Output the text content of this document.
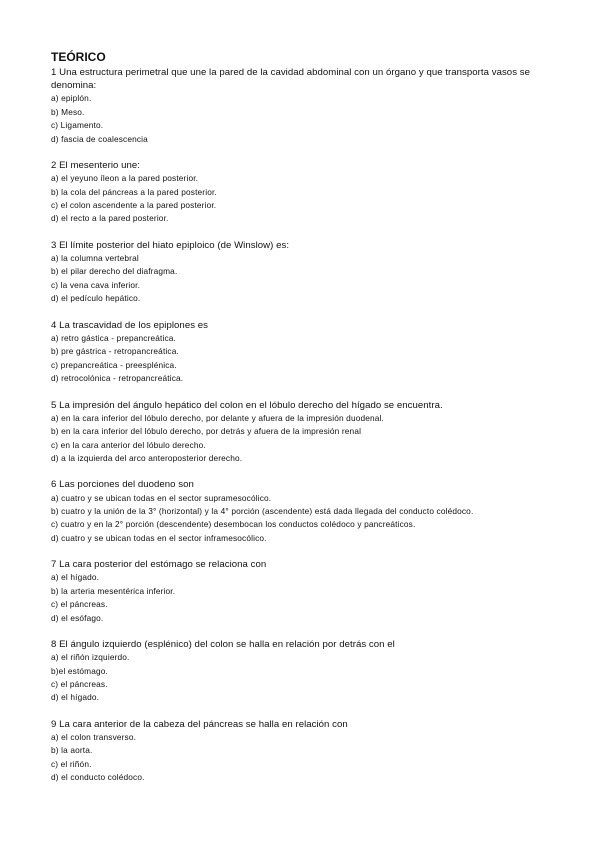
TEÓRICO

1 Una estructura perimetral que une la pared de la cavidad abdominal con un órgano y que transporta vasos se denomina:

a) epiplón.
b) Meso.
c) Ligamento.
d) fascia de coalescencia

2 El mesenterio une:

a) el yeyuno íleon a la pared posterior.
b) la cola del páncreas a la pared posterior.
c) el colon ascendente a la pared posterior.
d) el recto a la pared posterior.

3 El límite posterior del hiato epiploico (de Winslow) es:

a) la columna vertebral
b) el pilar derecho del diafragma.
c) la vena cava inferior.
d) el pedículo hepático.

4 La trascavidad de los epiplones es

a) retro gástica - prepancreática.
b) pre gástrica - retropancreática.
c) prepancreática - preesplénica.
d) retrocolónica - retropancreática.

5 La impresión del ángulo hepático del colon en el lóbulo derecho del hígado se encuentra.

a) en la cara inferior del lóbulo derecho, por delante y afuera de la impresión duodenal.
b) en la cara inferior del lóbulo derecho, por detrás y afuera de la impresión renal
c) en la cara anterior del lóbulo derecho.
d) a la izquierda del arco anteroposterior derecho.

6 Las porciones del duodeno son

a) cuatro y se ubican todas en el sector supramesocólico.
b) cuatro y la unión de la 3° (horizontal) y la 4° porción (ascendente) está dada llegada del conducto colédoco.
c) cuatro y en la 2° porción (descendente) desembocan los conductos colédoco y pancreáticos.
d) cuatro y se ubican todas en el sector inframesocólico.

7 La cara posterior del estómago se relaciona con

a) el hígado.
b) la arteria mesentérica inferior.
c) el páncreas.
d) el esófago.

8 El ángulo izquierdo (esplénico) del colon se halla en relación por detrás con el

a) el riñón izquierdo.
b)el estómago.
c) el páncreas.
d) el hígado.

9 La cara anterior de la cabeza del páncreas se halla en relación con

a) el colon transverso.
b) la aorta.
c) el riñón.
d) el conducto colédoco.
